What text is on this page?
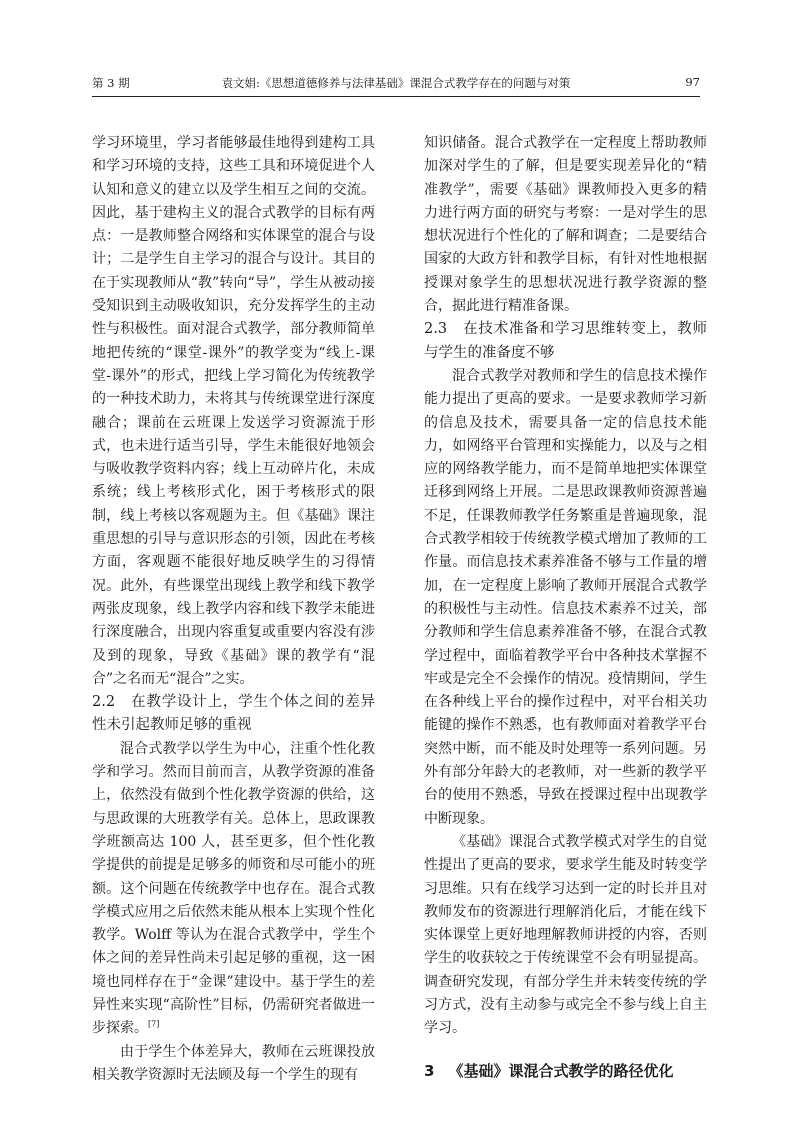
第 3 期	袁文娟:《思想道德修养与法律基础》课混合式教学存在的问题与对策	97

学习环境里，学习者能够最佳地得到建构工具和学习环境的支持，这些工具和环境促进个人认知和意义的建立以及学生相互之间的交流。因此，基于建构主义的混合式教学的目标有两点：一是教师整合网络和实体课堂的混合与设计；二是学生自主学习的混合与设计。其目的在于实现教师从“教”转向“导”，学生从被动接受知识到主动吸收知识，充分发挥学生的主动性与积极性。面对混合式教学，部分教师简单地把传统的“课堂-课外”的教学变为“线上-课堂-课外”的形式，把线上学习简化为传统教学的一种技术助力，未将其与传统课堂进行深度融合；课前在云班课上发送学习资源流于形式，也未进行适当引导，学生未能很好地领会与吸收教学资料内容；线上互动碎片化，未成系统；线上考核形式化，困于考核形式的限制，线上考核以客观题为主。但《基础》课注重思想的引导与意识形态的引领，因此在考核方面，客观题不能很好地反映学生的习得情况。此外，有些课堂出现线上教学和线下教学两张皮现象，线上教学内容和线下教学未能进行深度融合，出现内容重复或重要内容没有涉及到的现象，导致《基础》课的教学有“混合”之名而无“混合”之实。

2.2　在教学设计上，学生个体之间的差异性未引起教师足够的重视

混合式教学以学生为中心，注重个性化教学和学习。然而目前而言，从教学资源的准备上，依然没有做到个性化教学资源的供给，这与思政课的大班教学有关。总体上，思政课教学班额高达 100 人，甚至更多，但个性化教学提供的前提是足够多的师资和尽可能小的班额。这个问题在传统教学中也存在。混合式教学模式应用之后依然未能从根本上实现个性化教学。Wolff 等认为在混合式教学中，学生个体之间的差异性尚未引起足够的重视，这一困境也同样存在于“金课”建设中。基于学生的差异性来实现“高阶性”目标，仍需研究者做进一步探索。[7]

由于学生个体差异大，教师在云班课投放相关教学资源时无法顾及每一个学生的现有

知识储备。混合式教学在一定程度上帮助教师加深对学生的了解，但是要实现差异化的“精准教学”，需要《基础》课教师投入更多的精力进行两方面的研究与考察：一是对学生的思想状况进行个性化的了解和调查；二是要结合国家的大政方针和教学目标，有针对性地根据授课对象学生的思想状况进行教学资源的整合，据此进行精准备课。

2.3　在技术准备和学习思维转变上，教师与学生的准备度不够

混合式教学对教师和学生的信息技术操作能力提出了更高的要求。一是要求教师学习新的信息及技术，需要具备一定的信息技术能力，如网络平台管理和实操能力，以及与之相应的网络教学能力，而不是简单地把实体课堂迁移到网络上开展。二是思政课教师资源普遍不足，任课教师教学任务繁重是普遍现象，混合式教学相较于传统教学模式增加了教师的工作量。而信息技术素养准备不够与工作量的增加，在一定程度上影响了教师开展混合式教学的积极性与主动性。信息技术素养不过关，部分教师和学生信息素养准备不够，在混合式教学过程中，面临着教学平台中各种技术掌握不牢或是完全不会操作的情况。疫情期间，学生在各种线上平台的操作过程中，对平台相关功能键的操作不熟悉，也有教师面对着教学平台突然中断，而不能及时处理等一系列问题。另外有部分年龄大的老教师，对一些新的教学平台的使用不熟悉，导致在授课过程中出现教学中断现象。

《基础》课混合式教学模式对学生的自觉性提出了更高的要求，要求学生能及时转变学习思维。只有在线学习达到一定的时长并且对教师发布的资源进行理解消化后，才能在线下实体课堂上更好地理解教师讲授的内容，否则学生的收获较之于传统课堂不会有明显提高。调查研究发现，有部分学生并未转变传统的学习方式，没有主动参与或完全不参与线上自主学习。

3 《基础》课混合式教学的路径优化
